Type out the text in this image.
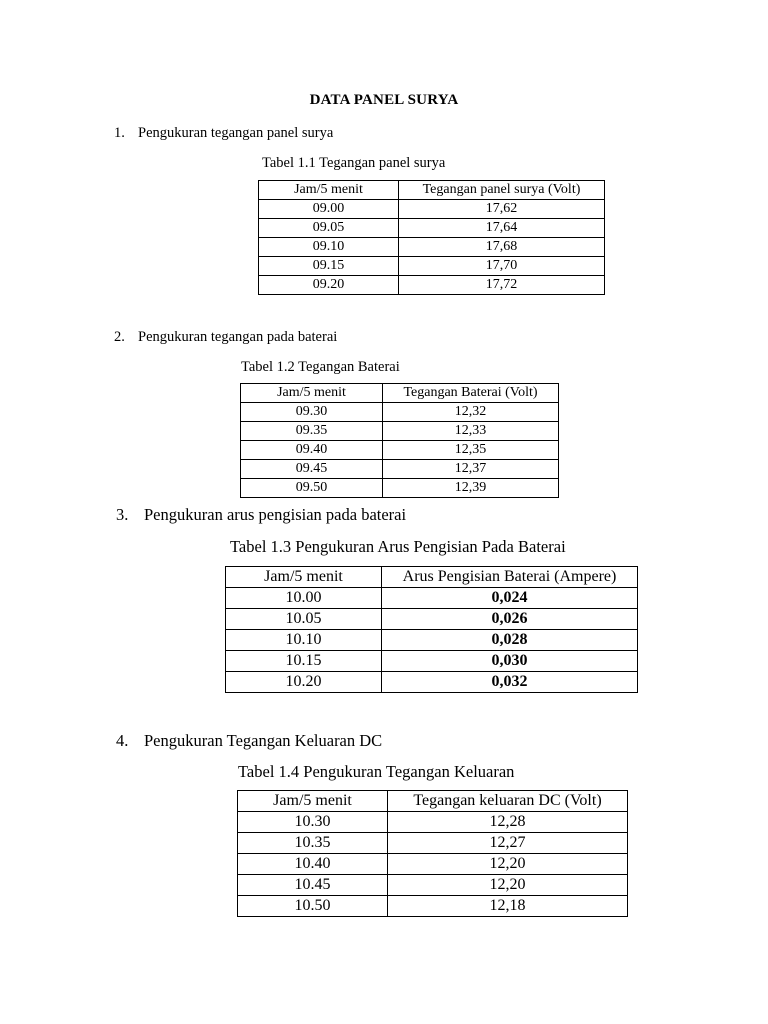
DATA PANEL SURYA
1. Pengukuran tegangan panel surya
Tabel 1.1 Tegangan panel surya
Jam/5 menit	Tegangan panel surya (Volt)
09.00	17,62
09.05	17,64
09.10	17,68
09.15	17,70
09.20	17,72
2. Pengukuran tegangan pada baterai
Tabel 1.2 Tegangan Baterai
Jam/5 menit	Tegangan Baterai (Volt)
09.30	12,32
09.35	12,33
09.40	12,35
09.45	12,37
09.50	12,39
3. Pengukuran arus pengisian pada baterai
Tabel 1.3 Pengukuran Arus Pengisian Pada Baterai
Jam/5 menit	Arus Pengisian Baterai (Ampere)
10.00	0,024
10.05	0,026
10.10	0,028
10.15	0,030
10.20	0,032
4. Pengukuran Tegangan Keluaran DC
Tabel 1.4 Pengukuran Tegangan Keluaran
Jam/5 menit	Tegangan keluaran DC (Volt)
10.30	12,28
10.35	12,27
10.40	12,20
10.45	12,20
10.50	12,18
